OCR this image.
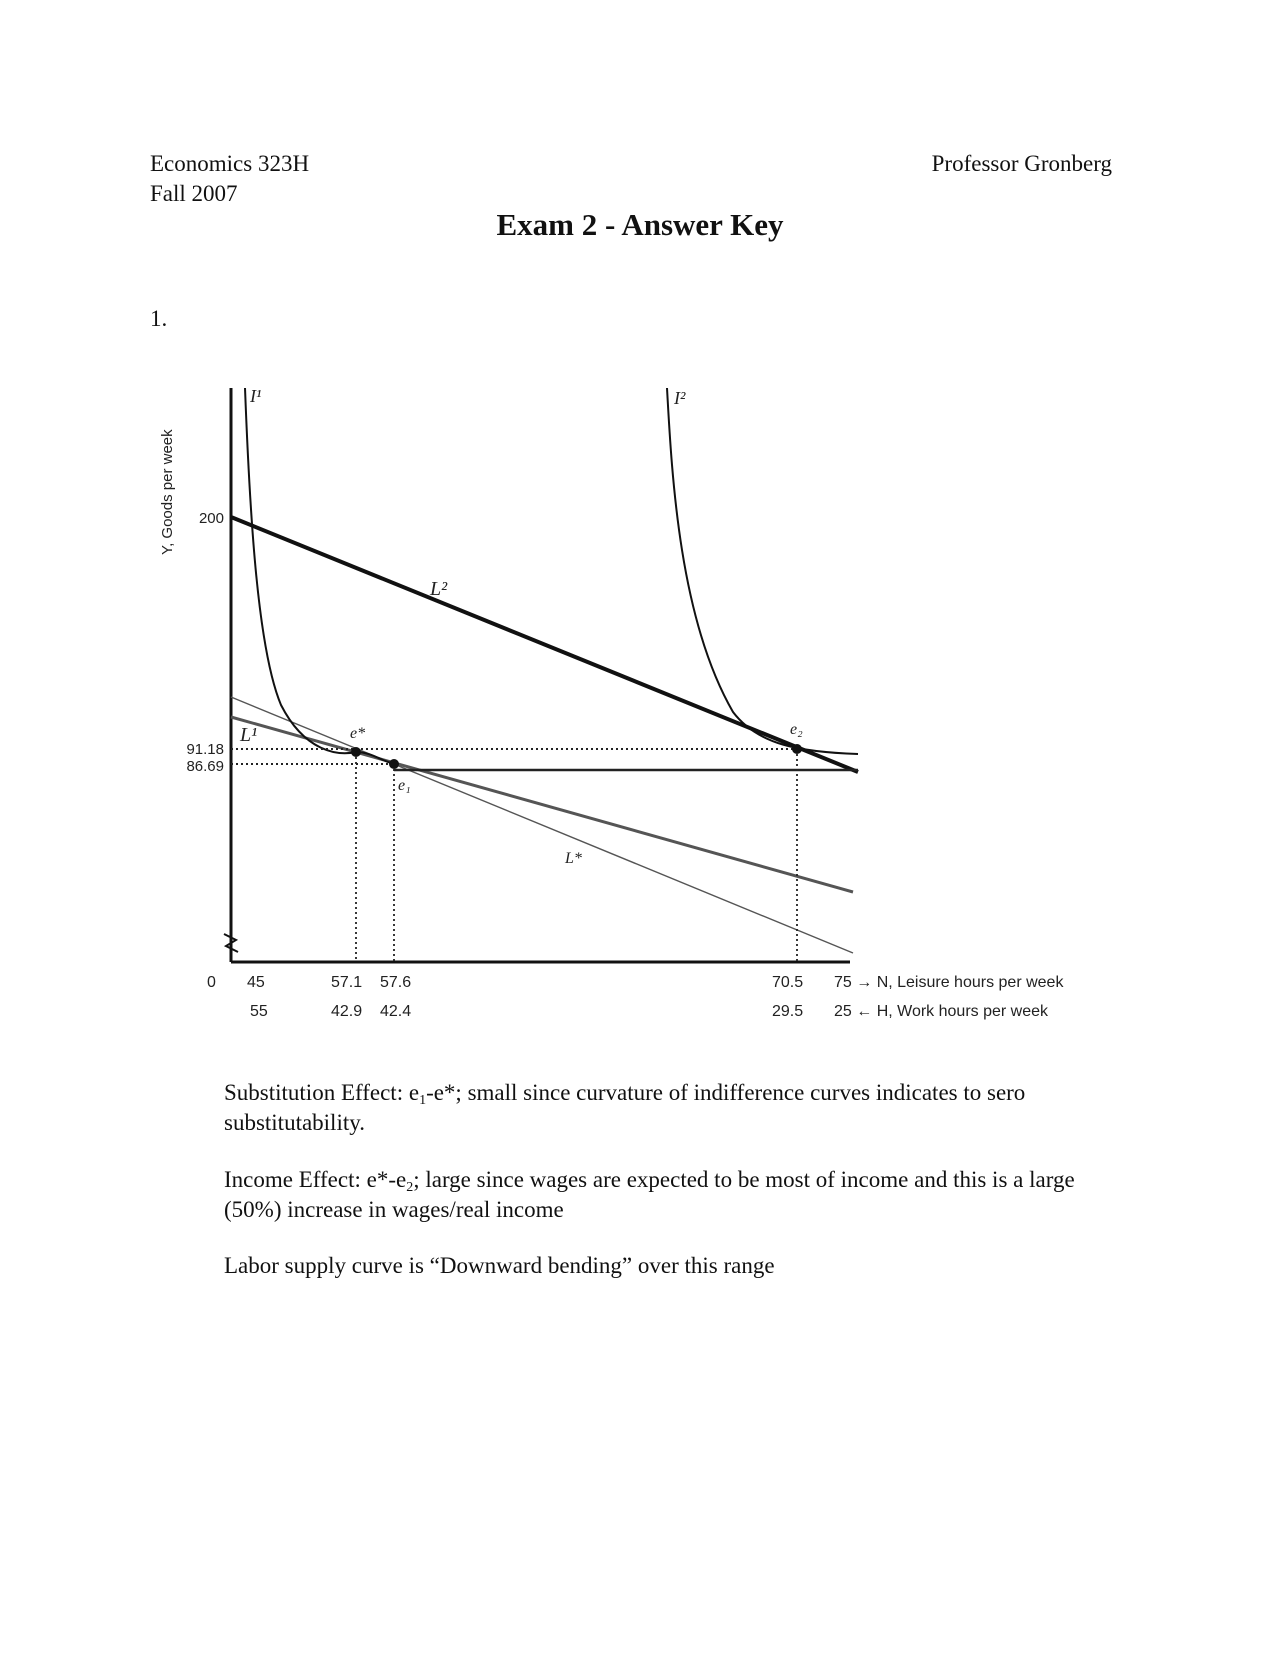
Economics 323H
Fall 2007
Professor Gronberg
Exam 2 - Answer Key
1.
e*
e₁
e₂
I¹	I²
L²
L¹
L*
Y, Goods per week 200
91.18
86.69
0 45	57.1 57.6	70.5 75 → N, Leisure hours per week
55	42.9 42.4	29.5 25 ← H, Work hours per week
Substitution Effect: $e_1-e*$; small since curvature of indifference curves indicates to sero substitutability.
Income Effect: $e*-e_2$; large since wages are expected to be most of income and this is a large (50%) increase in wages/real income
Labor supply curve is “Downward bending” over this range
